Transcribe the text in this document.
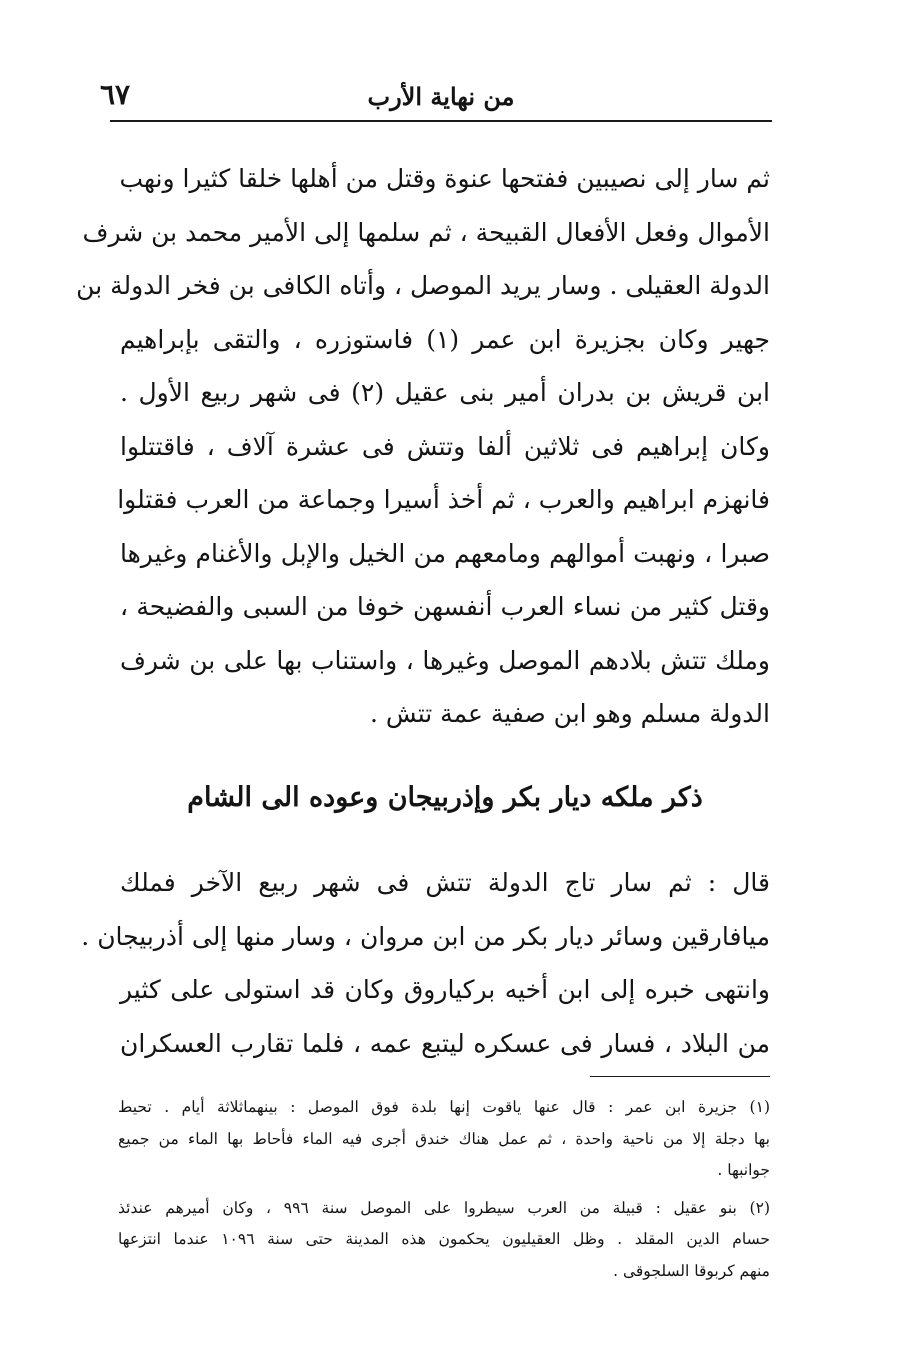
من نهاية الأرب
٦٧
ثم سار إلى نصيبين ففتحها عنوة وقتل من أهلها خلقا كثيرا ونهب
الأموال وفعل الأفعال القبيحة ، ثم سلمها إلى الأمير محمد بن شرف
الدولة العقيلى . وسار يريد الموصل ، وأتاه الكافى بن فخر الدولة بن
جهير وكان بجزيرة ابن عمر (١) فاستوزره ، والتقى بإبراهيم
ابن قريش بن بدران أمير بنى عقيل (٢) فى شهر ربيع الأول .
وكان إبراهيم فى ثلاثين ألفا وتتش فى عشرة آلاف ، فاقتتلوا
فانهزم ابراهيم والعرب ، ثم أخذ أسيرا وجماعة من العرب فقتلوا
صبرا ، ونهبت أموالهم ومامعهم من الخيل والإبل والأغنام وغيرها
وقتل كثير من نساء العرب أنفسهن خوفا من السبى والفضيحة ،
وملك تتش بلادهم الموصل وغيرها ، واستناب بها على بن شرف
الدولة مسلم وهو ابن صفية عمة تتش .
ذكر ملكه ديار بكر وإذربيجان وعوده الى الشام
قال : ثم سار تاج الدولة تتش فى شهر ربيع الآخر فملك
ميافارقين وسائر ديار بكر من ابن مروان ، وسار منها إلى أذربيجان .
وانتهى خبره إلى ابن أخيه بركياروق وكان قد استولى على كثير
من البلاد ، فسار فى عسكره ليتبع عمه ، فلما تقارب العسكران
(١) جزيرة ابن عمر : قال عنها ياقوت إنها بلدة فوق الموصل : بينهماثلاثة أيام . تحيط
بها دجلة إلا من ناحية واحدة ، ثم عمل هناك خندق أجرى فيه الماء فأحاط بها الماء من جميع
جوانبها .
(٢) بنو عقيل : قبيلة من العرب سيطروا على الموصل سنة ٩٩٦ ، وكان أميرهم عندئذ
حسام الدين المقلد . وظل العقيليون يحكمون هذه المدينة حتى سنة ١٠٩٦ عندما انتزعها
منهم كربوقا السلجوقى .
